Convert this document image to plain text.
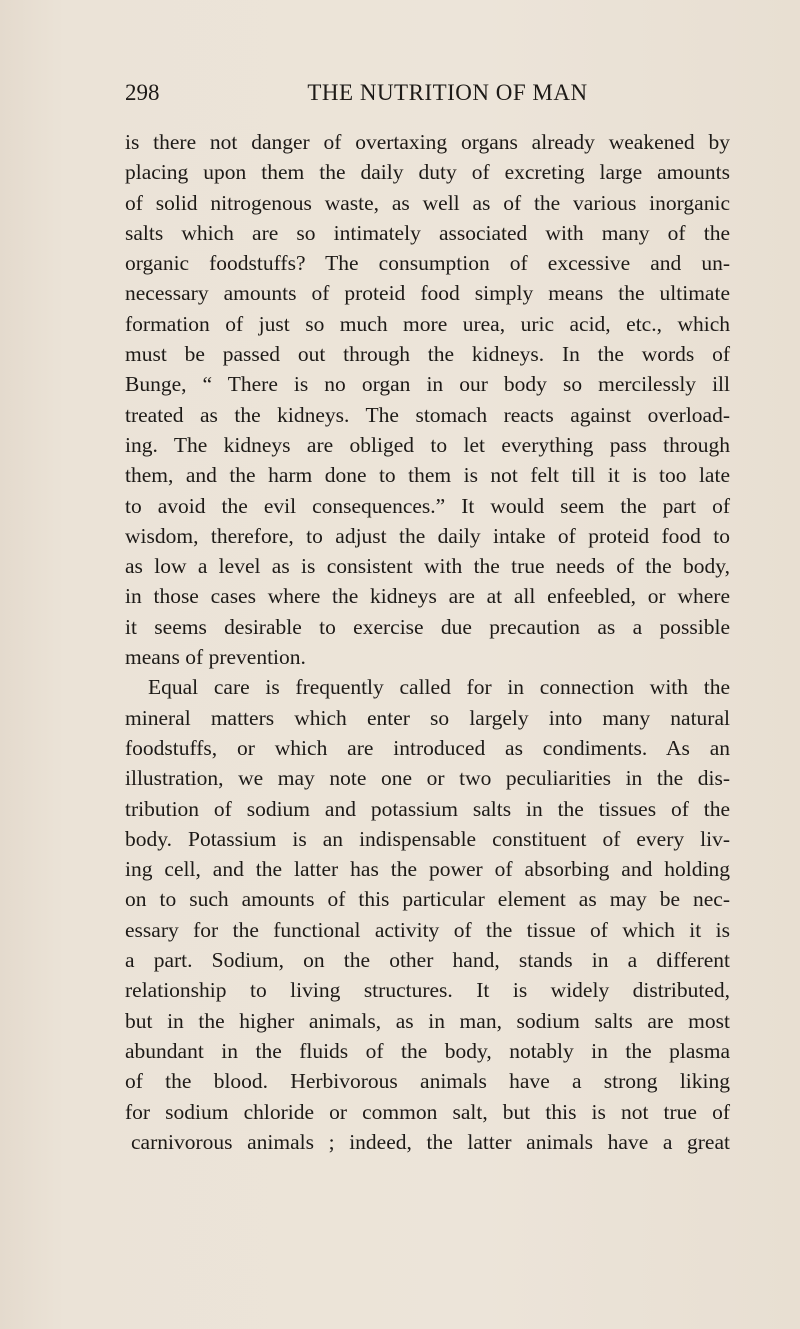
298	THE NUTRITION OF MAN
is there not danger of overtaxing organs already weakened by
placing upon them the daily duty of excreting large amounts
of solid nitrogenous waste, as well as of the various inorganic
salts which are so intimately associated with many of the
organic foodstuffs? The consumption of excessive and un-
necessary amounts of proteid food simply means the ultimate
formation of just so much more urea, uric acid, etc., which
must be passed out through the kidneys. In the words of
Bunge, “ There is no organ in our body so mercilessly ill
treated as the kidneys. The stomach reacts against overload-
ing. The kidneys are obliged to let everything pass through
them, and the harm done to them is not felt till it is too late
to avoid the evil consequences.” It would seem the part of
wisdom, therefore, to adjust the daily intake of proteid food to
as low a level as is consistent with the true needs of the body,
in those cases where the kidneys are at all enfeebled, or where
it seems desirable to exercise due precaution as a possible
means of prevention.
Equal care is frequently called for in connection with the
mineral matters which enter so largely into many natural
foodstuffs, or which are introduced as condiments. As an
illustration, we may note one or two peculiarities in the dis-
tribution of sodium and potassium salts in the tissues of the
body. Potassium is an indispensable constituent of every liv-
ing cell, and the latter has the power of absorbing and holding
on to such amounts of this particular element as may be nec-
essary for the functional activity of the tissue of which it is
a part. Sodium, on the other hand, stands in a different
relationship to living structures. It is widely distributed,
but in the higher animals, as in man, sodium salts are most
abundant in the fluids of the body, notably in the plasma
of the blood. Herbivorous animals have a strong liking
for sodium chloride or common salt, but this is not true of
carnivorous animals ; indeed, the latter animals have a great
